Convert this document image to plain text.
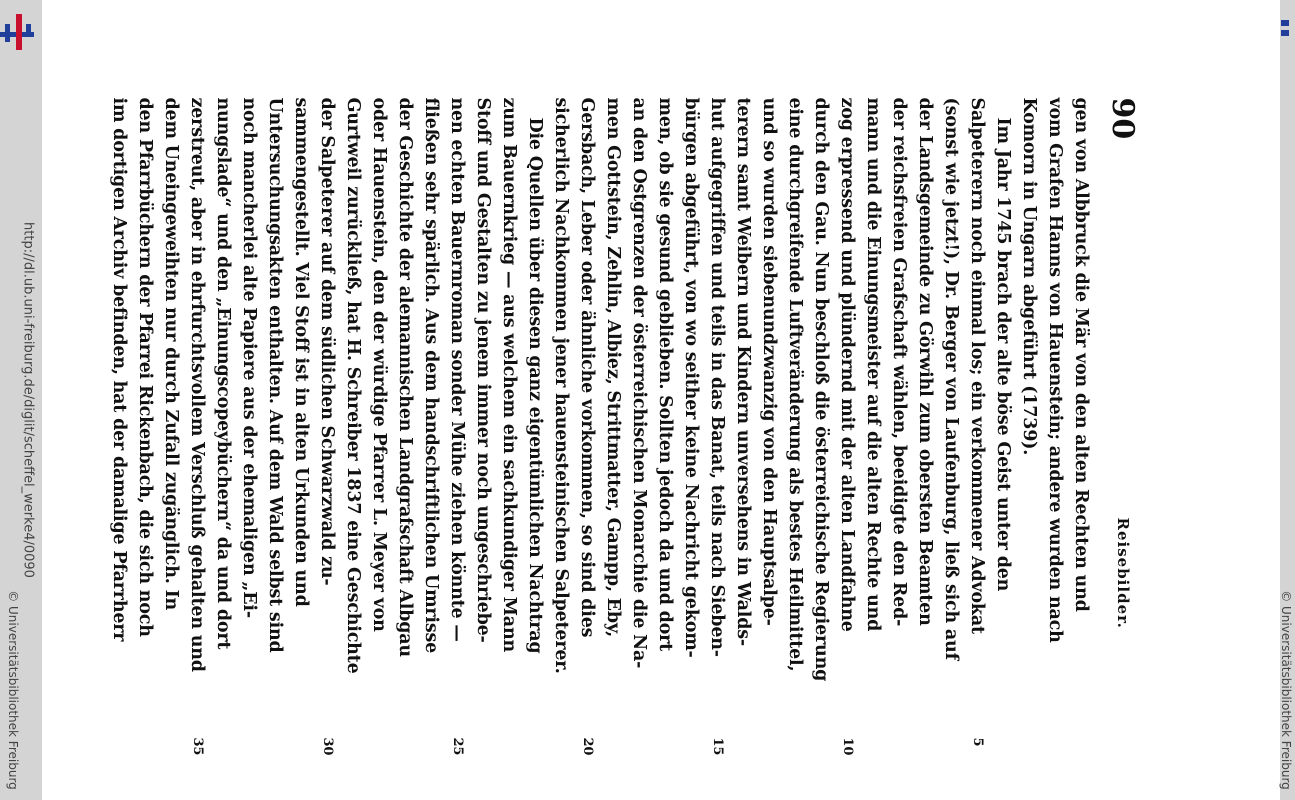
http://dl.ub.uni-freiburg.de/diglit/scheffel_werke4/0090
© Universitätsbibliothek Freiburg	© Universitätsbibliothek Freiburg
90
Reisebilder.
gen von Albbruck die Mär von den alten Rechten und
vom Grafen Hanns von Hauenstein; andere wurden nach
Komorn in Ungarn abgeführt (1739).
Im Jahr 1745 brach der alte böse Geist unter den
Salpeterern noch einmal los; ein verkommener Advokat
5
(sonst wie jetzt!), Dr. Berger von Laufenburg, ließ sich auf
der Landsgemeinde zu Görwihl zum obersten Beamten
der reichsfreien Grafschaft wählen, beeidigte den Red-
mann und die Einungsmeister auf die alten Rechte und
zog erpressend und plündernd mit der alten Landfahne
10
durch den Gau. Nun beschloß die österreichische Regierung
eine durchgreifende Luftveränderung als bestes Heilmittel,
und so wurden siebenundzwanzig von den Hauptsalpe-
terern samt Weibern und Kindern unversehens in Walds-
hut aufgegriffen und teils in das Banat, teils nach Sieben-
15
bürgen abgeführt, von wo seither keine Nachricht gekom-
men, ob sie gesund geblieben. Sollten jedoch da und dort
an den Ostgrenzen der österreichischen Monarchie die Na-
men Gottstein, Zehlin, Albiez, Strittmatter, Gampp, Eby,
Gersbach, Leber oder ähnliche vorkommen, so sind dies
20
sicherlich Nachkommen jener hauensteinischen Salpeterer.
Die Quellen über diesen ganz eigentümlichen Nachtrag
zum Bauernkrieg — aus welchem ein sachkundiger Mann
Stoff und Gestalten zu jenem immer noch ungeschriebe-
nen echten Bauernroman sonder Mühe ziehen könnte —
25
fließen sehr spärlich. Aus dem handschriftlichen Umrisse
der Geschichte der alemannischen Landgrafschaft Albgau
oder Hauenstein, den der würdige Pfarrer L. Meyer von
Gurtweil zurückließ, hat H. Schreiber 1837 eine Geschichte
der Salpeterer auf dem südlichen Schwarzwald zu-
30
sammengestellt. Viel Stoff ist in alten Urkunden und
Untersuchungsakten enthalten. Auf dem Wald selbst sind
noch mancherlei alte Papiere aus der ehemaligen „Ei-
nungslade“ und den „Einungscopeybüchern“ da und dort
zerstreut, aber in ehrfurchtsvollem Verschluß gehalten und
35
dem Uneingeweihten nur durch Zufall zugänglich. In
den Pfarrbüchern der Pfarrei Rickenbach, die sich noch
im dortigen Archiv befinden, hat der damalige Pfarrherr
